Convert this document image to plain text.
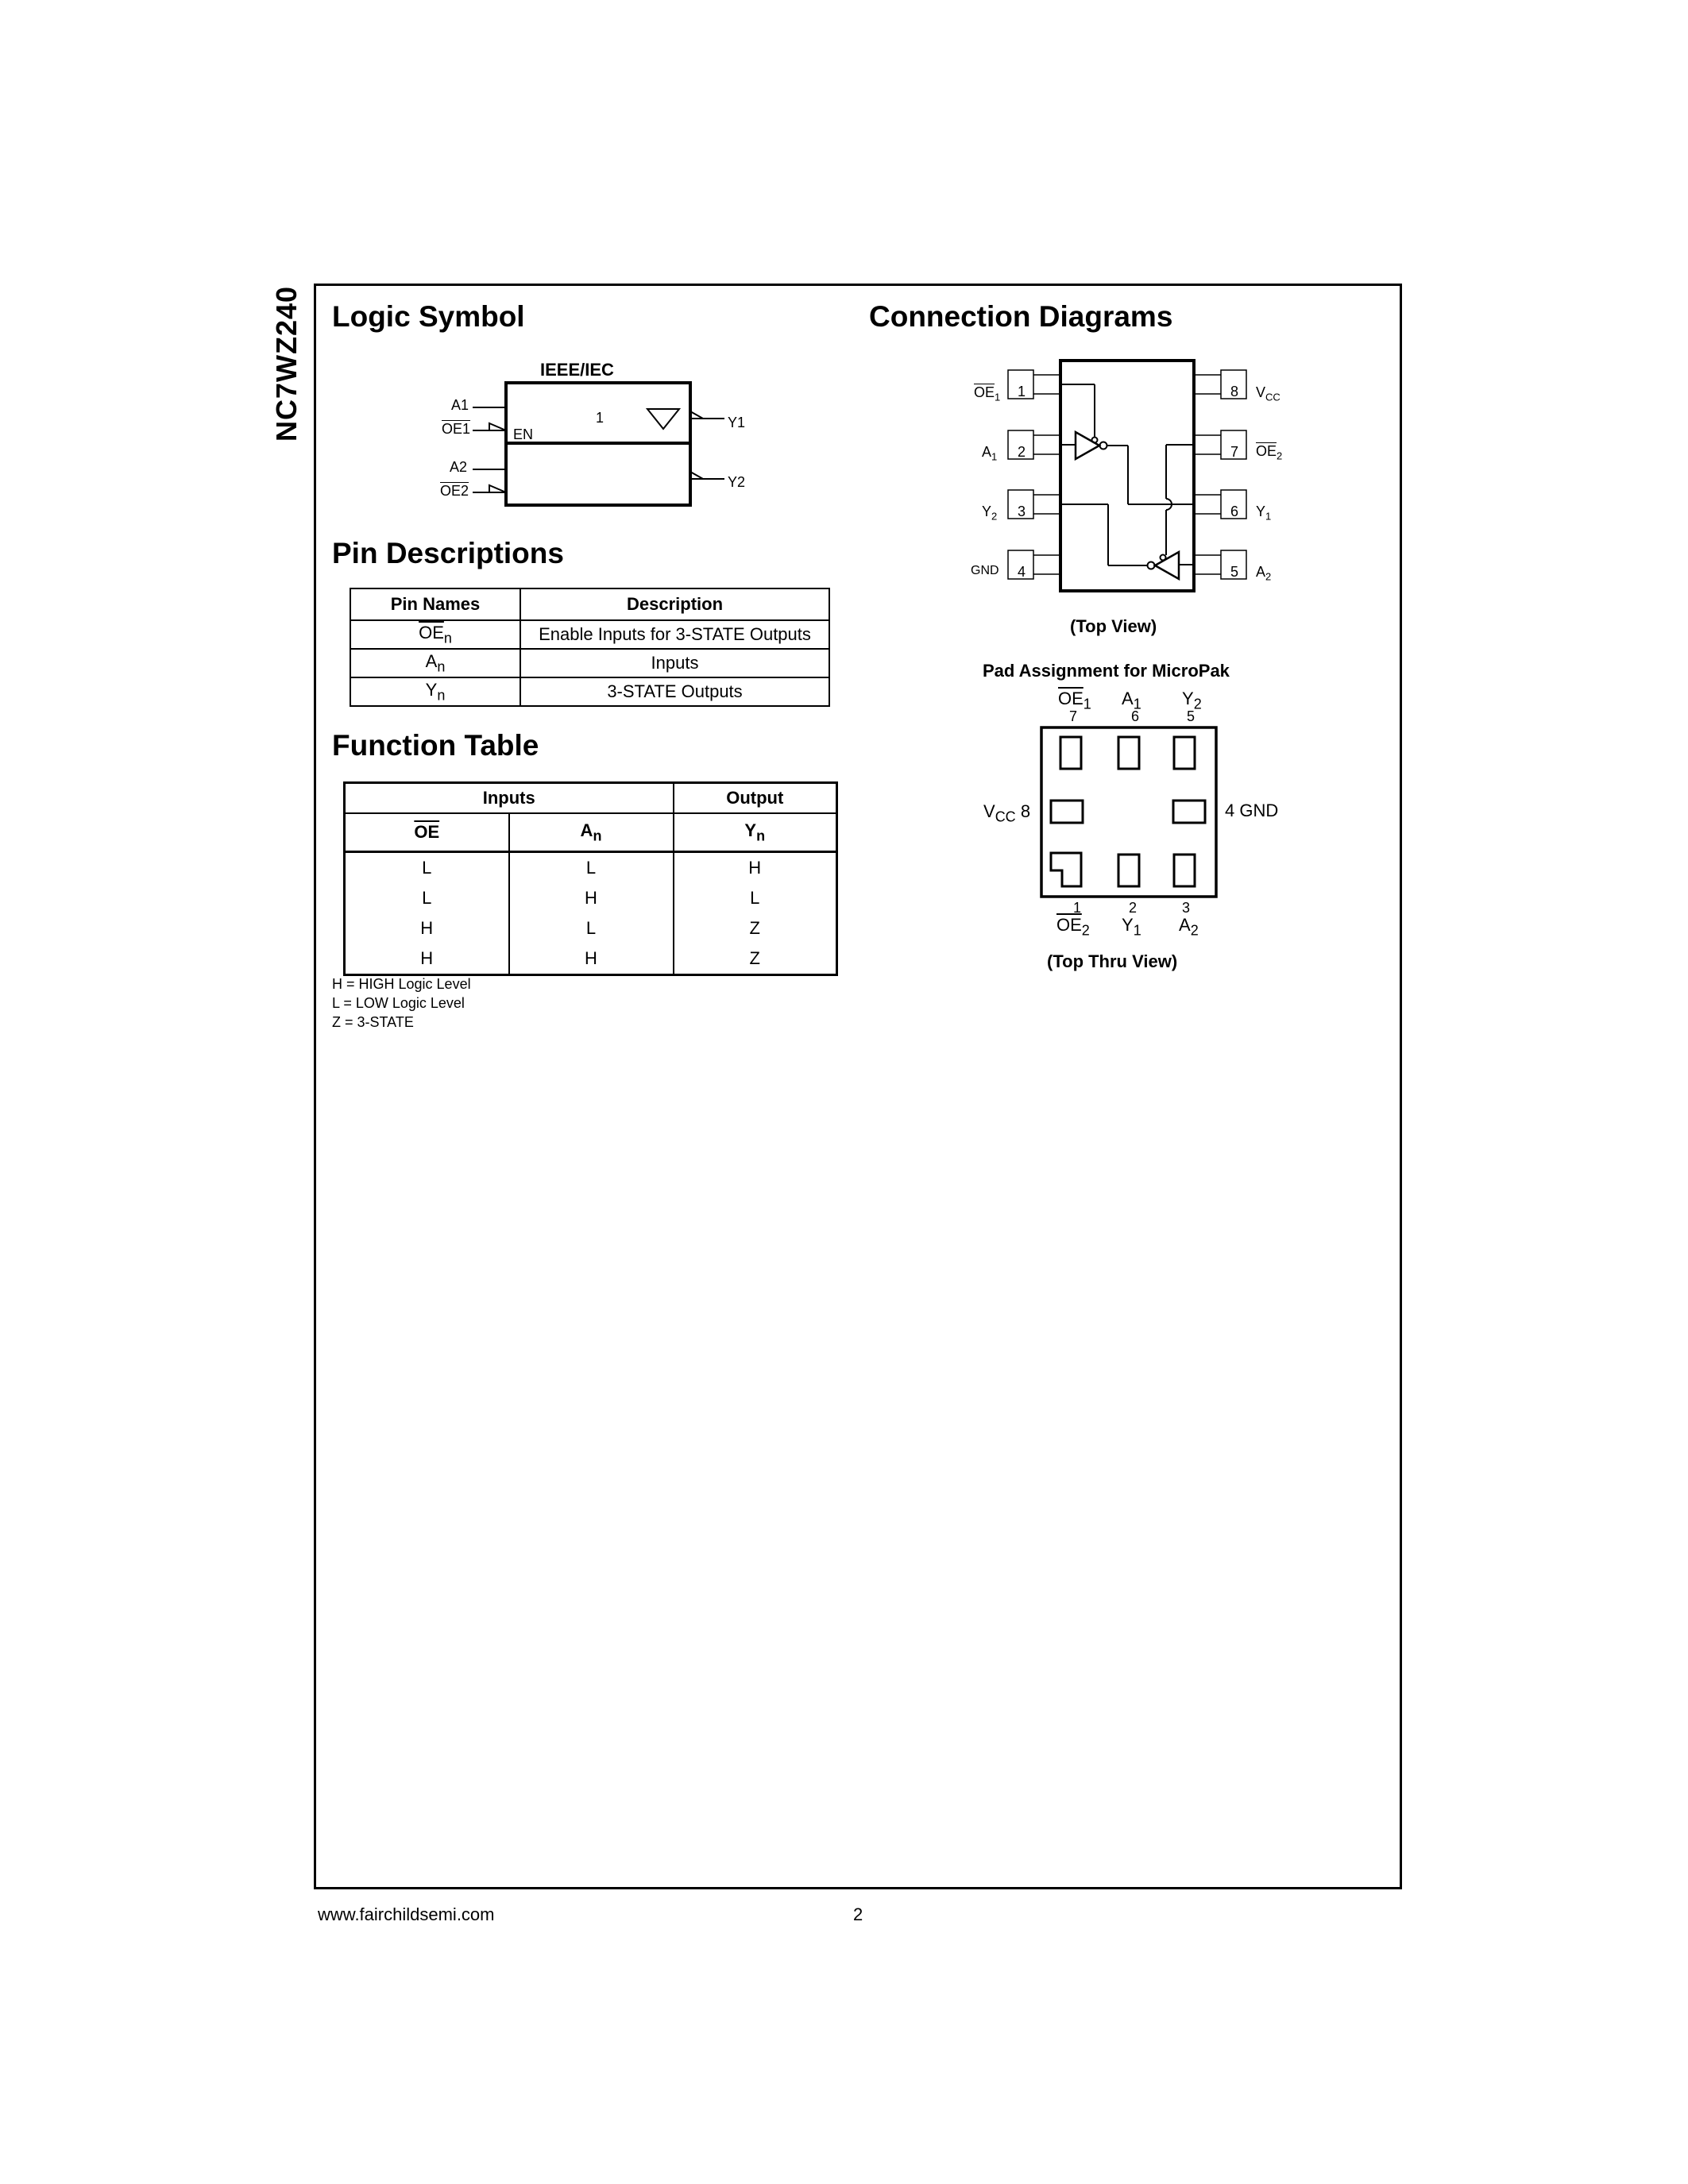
NC7WZ240 Logic Symbol
IEEE/IEC
A1
OE1
A2
OE2
EN
1	Y1
Y2
Pin Descriptions
Pin Names	Description
$\overline{OE}_n$	Enable Inputs for 3-STATE Outputs
$A_n$	Inputs
$Y_n$	3-STATE Outputs
Function Table
Inputs		Output
$\overline{OE}$	$A_n$	$Y_n$
L	L	H
L	H	L
H	L	Z
H	H	Z
H = HIGH Logic Level
L = LOW Logic Level
Z = 3-STATE
Connection Diagrams
1
2
3
4
8
7
6
5
$\overline{OE}_1$
$A_1$
$Y_2$
GND
$V_{CC}$
$\overline{OE}_2$
$Y_1$
$A_2$
(Top View)
Pad Assignment for MicroPak
$\overline{OE}_1$ $A_1$ $Y_2$
7	6	5
$V_{CC}$ 8	4 GND
1	2	3
$\overline{OE}_2$ $Y_1$ $A_2$
(Top Thru View)
www.fairchildsemi.com	2
